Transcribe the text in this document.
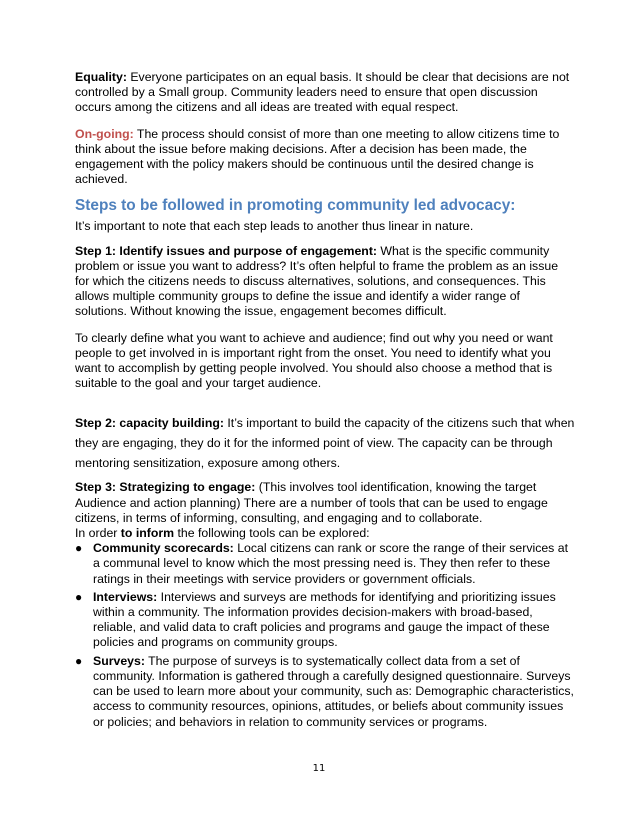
Equality: Everyone participates on an equal basis. It should be clear that decisions are not controlled by a Small group. Community leaders need to ensure that open discussion occurs among the citizens and all ideas are treated with equal respect.

On-going: The process should consist of more than one meeting to allow citizens time to think about the issue before making decisions. After a decision has been made, the engagement with the policy makers should be continuous until the desired change is achieved.

Steps to be followed in promoting community led advocacy:

It’s important to note that each step leads to another thus linear in nature.

Step 1: Identify issues and purpose of engagement: What is the specific community problem or issue you want to address? It’s often helpful to frame the problem as an issue for which the citizens needs to discuss alternatives, solutions, and consequences. This allows multiple community groups to define the issue and identify a wider range of solutions. Without knowing the issue, engagement becomes difficult.

To clearly define what you want to achieve and audience; find out why you need or want people to get involved in is important right from the onset. You need to identify what you want to accomplish by getting people involved. You should also choose a method that is suitable to the goal and your target audience.

Step 2: capacity building: It’s important to build the capacity of the citizens such that when they are engaging, they do it for the informed point of view. The capacity can be through mentoring sensitization, exposure among others.

Step 3: Strategizing to engage: (This involves tool identification, knowing the target Audience and action planning) There are a number of tools that can be used to engage citizens, in terms of informing, consulting, and engaging and to collaborate.

In order to inform the following tools can be explored:

● Community scorecards: Local citizens can rank or score the range of their services at a communal level to know which the most pressing need is. They then refer to these ratings in their meetings with service providers or government officials.
● Interviews: Interviews and surveys are methods for identifying and prioritizing issues within a community. The information provides decision-makers with broad-based, reliable, and valid data to craft policies and programs and gauge the impact of these policies and programs on community groups.
● Surveys: The purpose of surveys is to systematically collect data from a set of community. Information is gathered through a carefully designed questionnaire. Surveys can be used to learn more about your community, such as: Demographic characteristics, access to community resources, opinions, attitudes, or beliefs about community issues or policies; and behaviors in relation to community services or programs.
11
